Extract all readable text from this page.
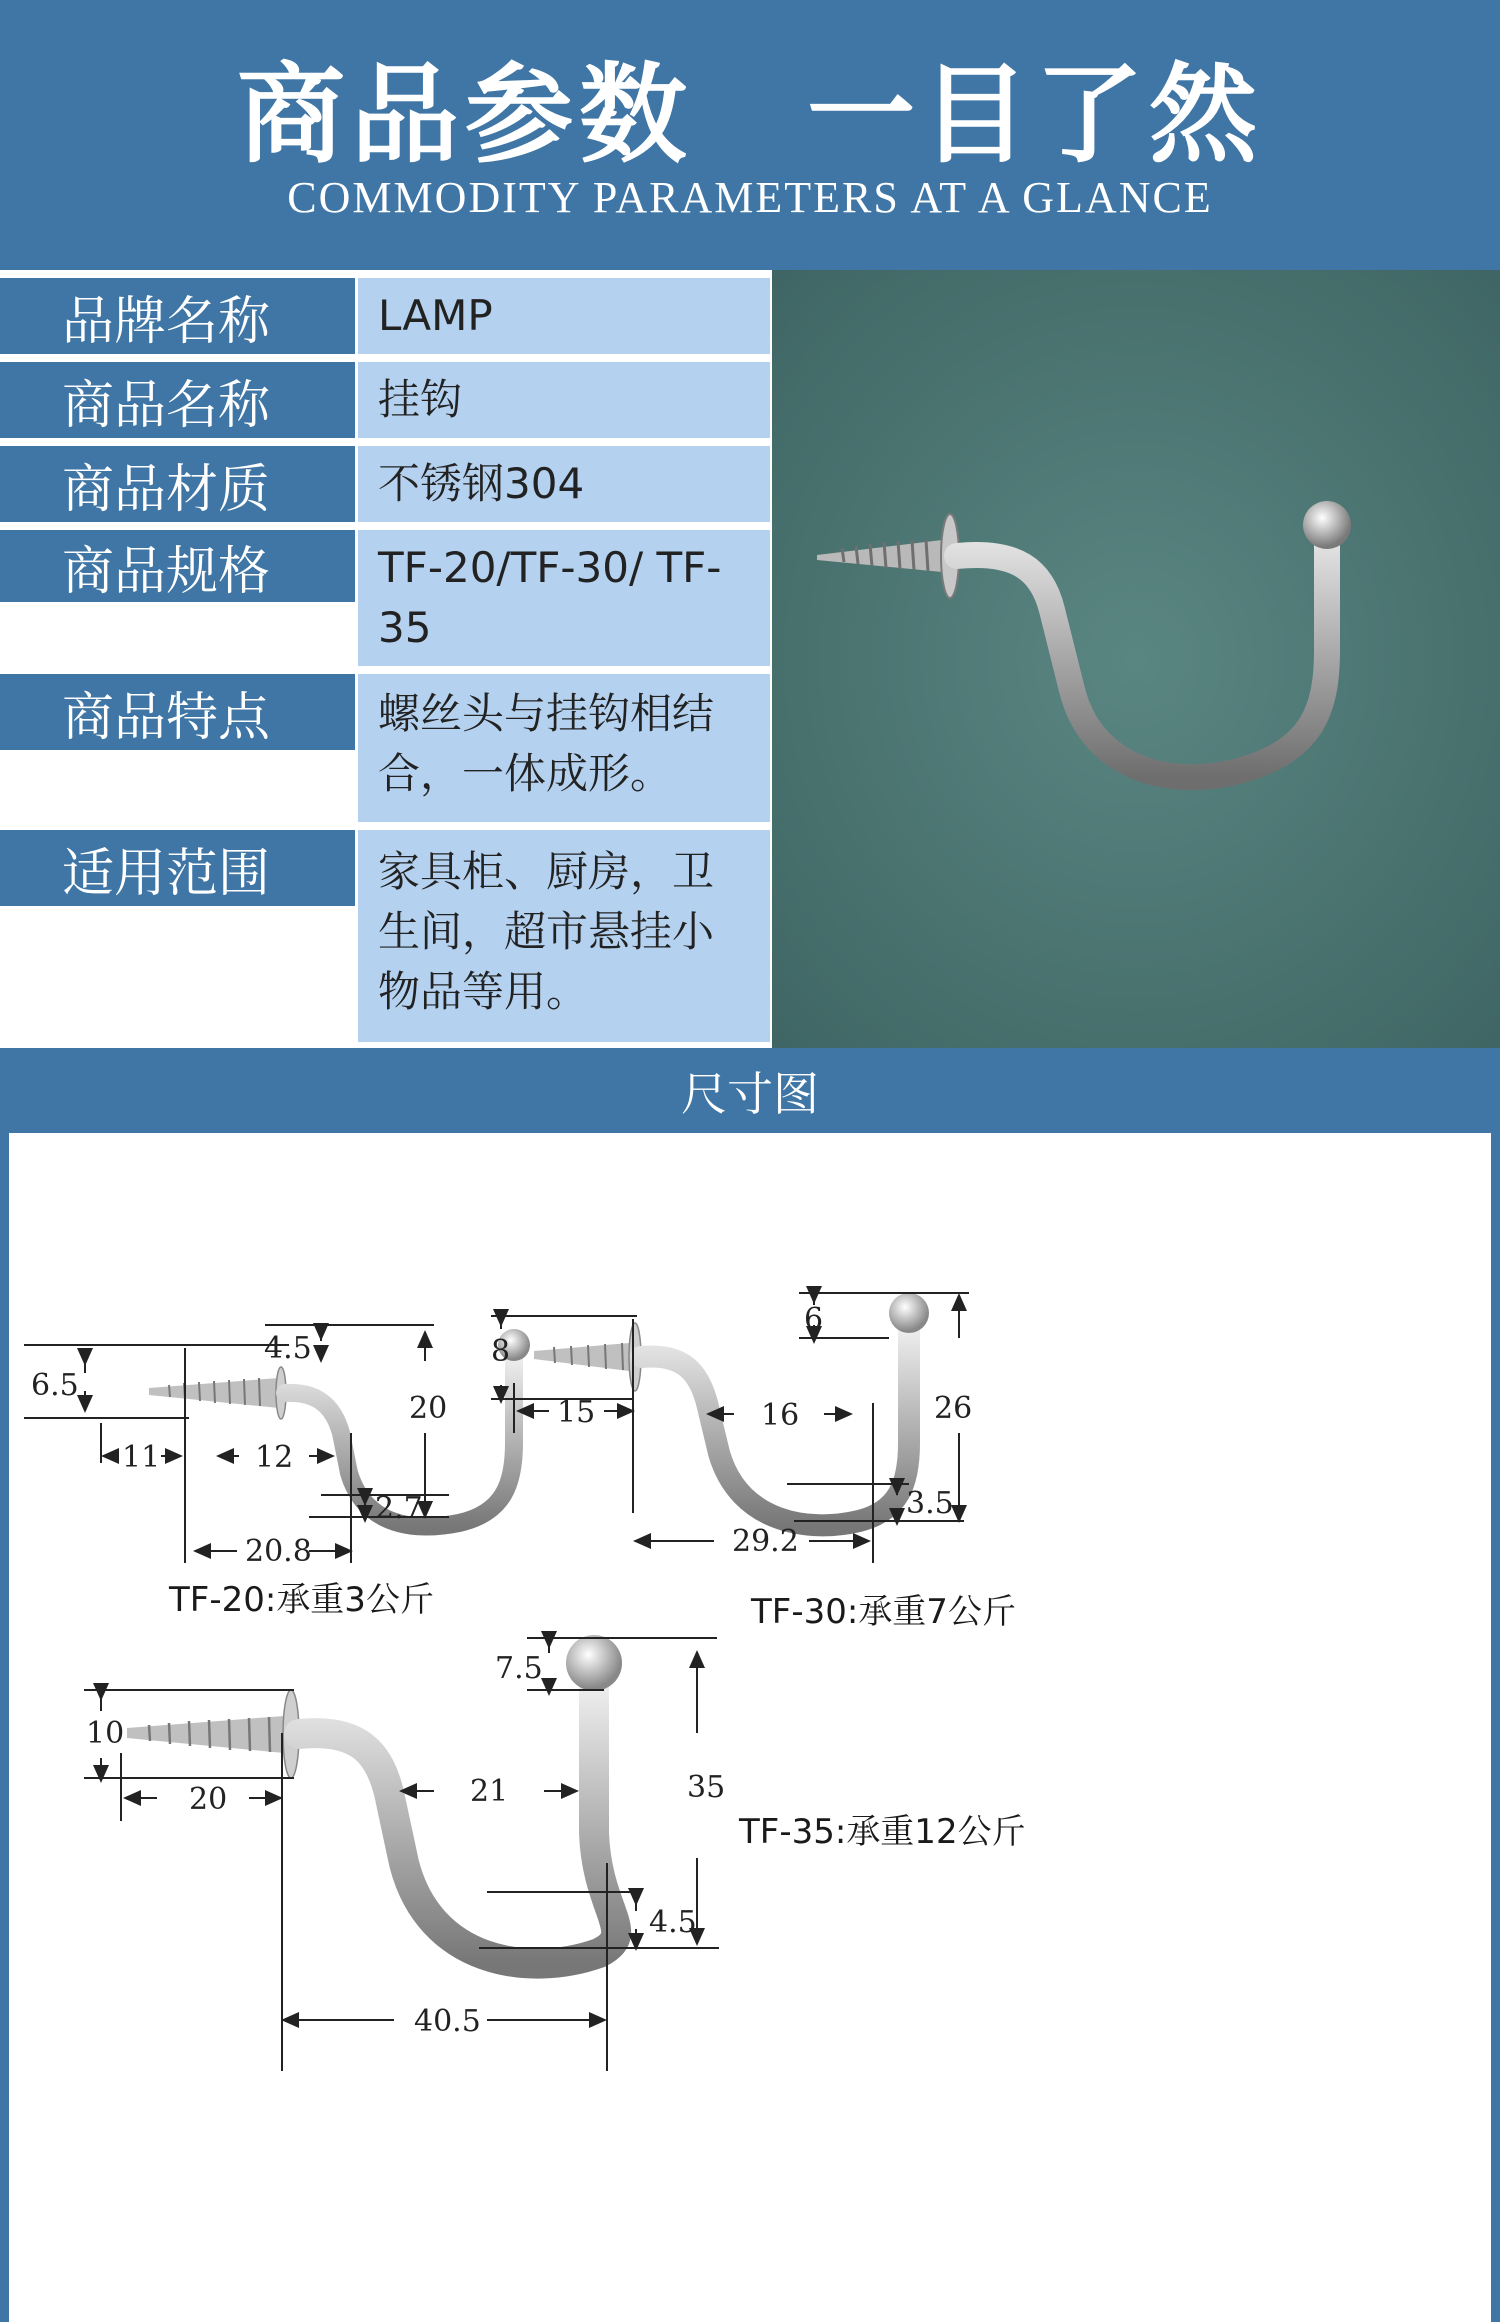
商品参数　一目了然
COMMODITY PARAMETERS AT A GLANCE
品牌名称	LAMP
商品名称	挂钩
商品材质	不锈钢304
商品规格	TF-20/TF-30/ TF-35
商品特点	螺丝头与挂钩相结合，一体成形。
适用范围	家具柜、厨房，卫生间，超市悬挂小物品等用。
尺寸图
6.5
11	12
4.5
20
2.7
20.8
TF-20:承重3公斤
8
15	16
6
26
3.5
29.2
TF-30:承重7公斤
10
20	21
7.5
35
4.5
40.5
TF-35:承重12公斤
